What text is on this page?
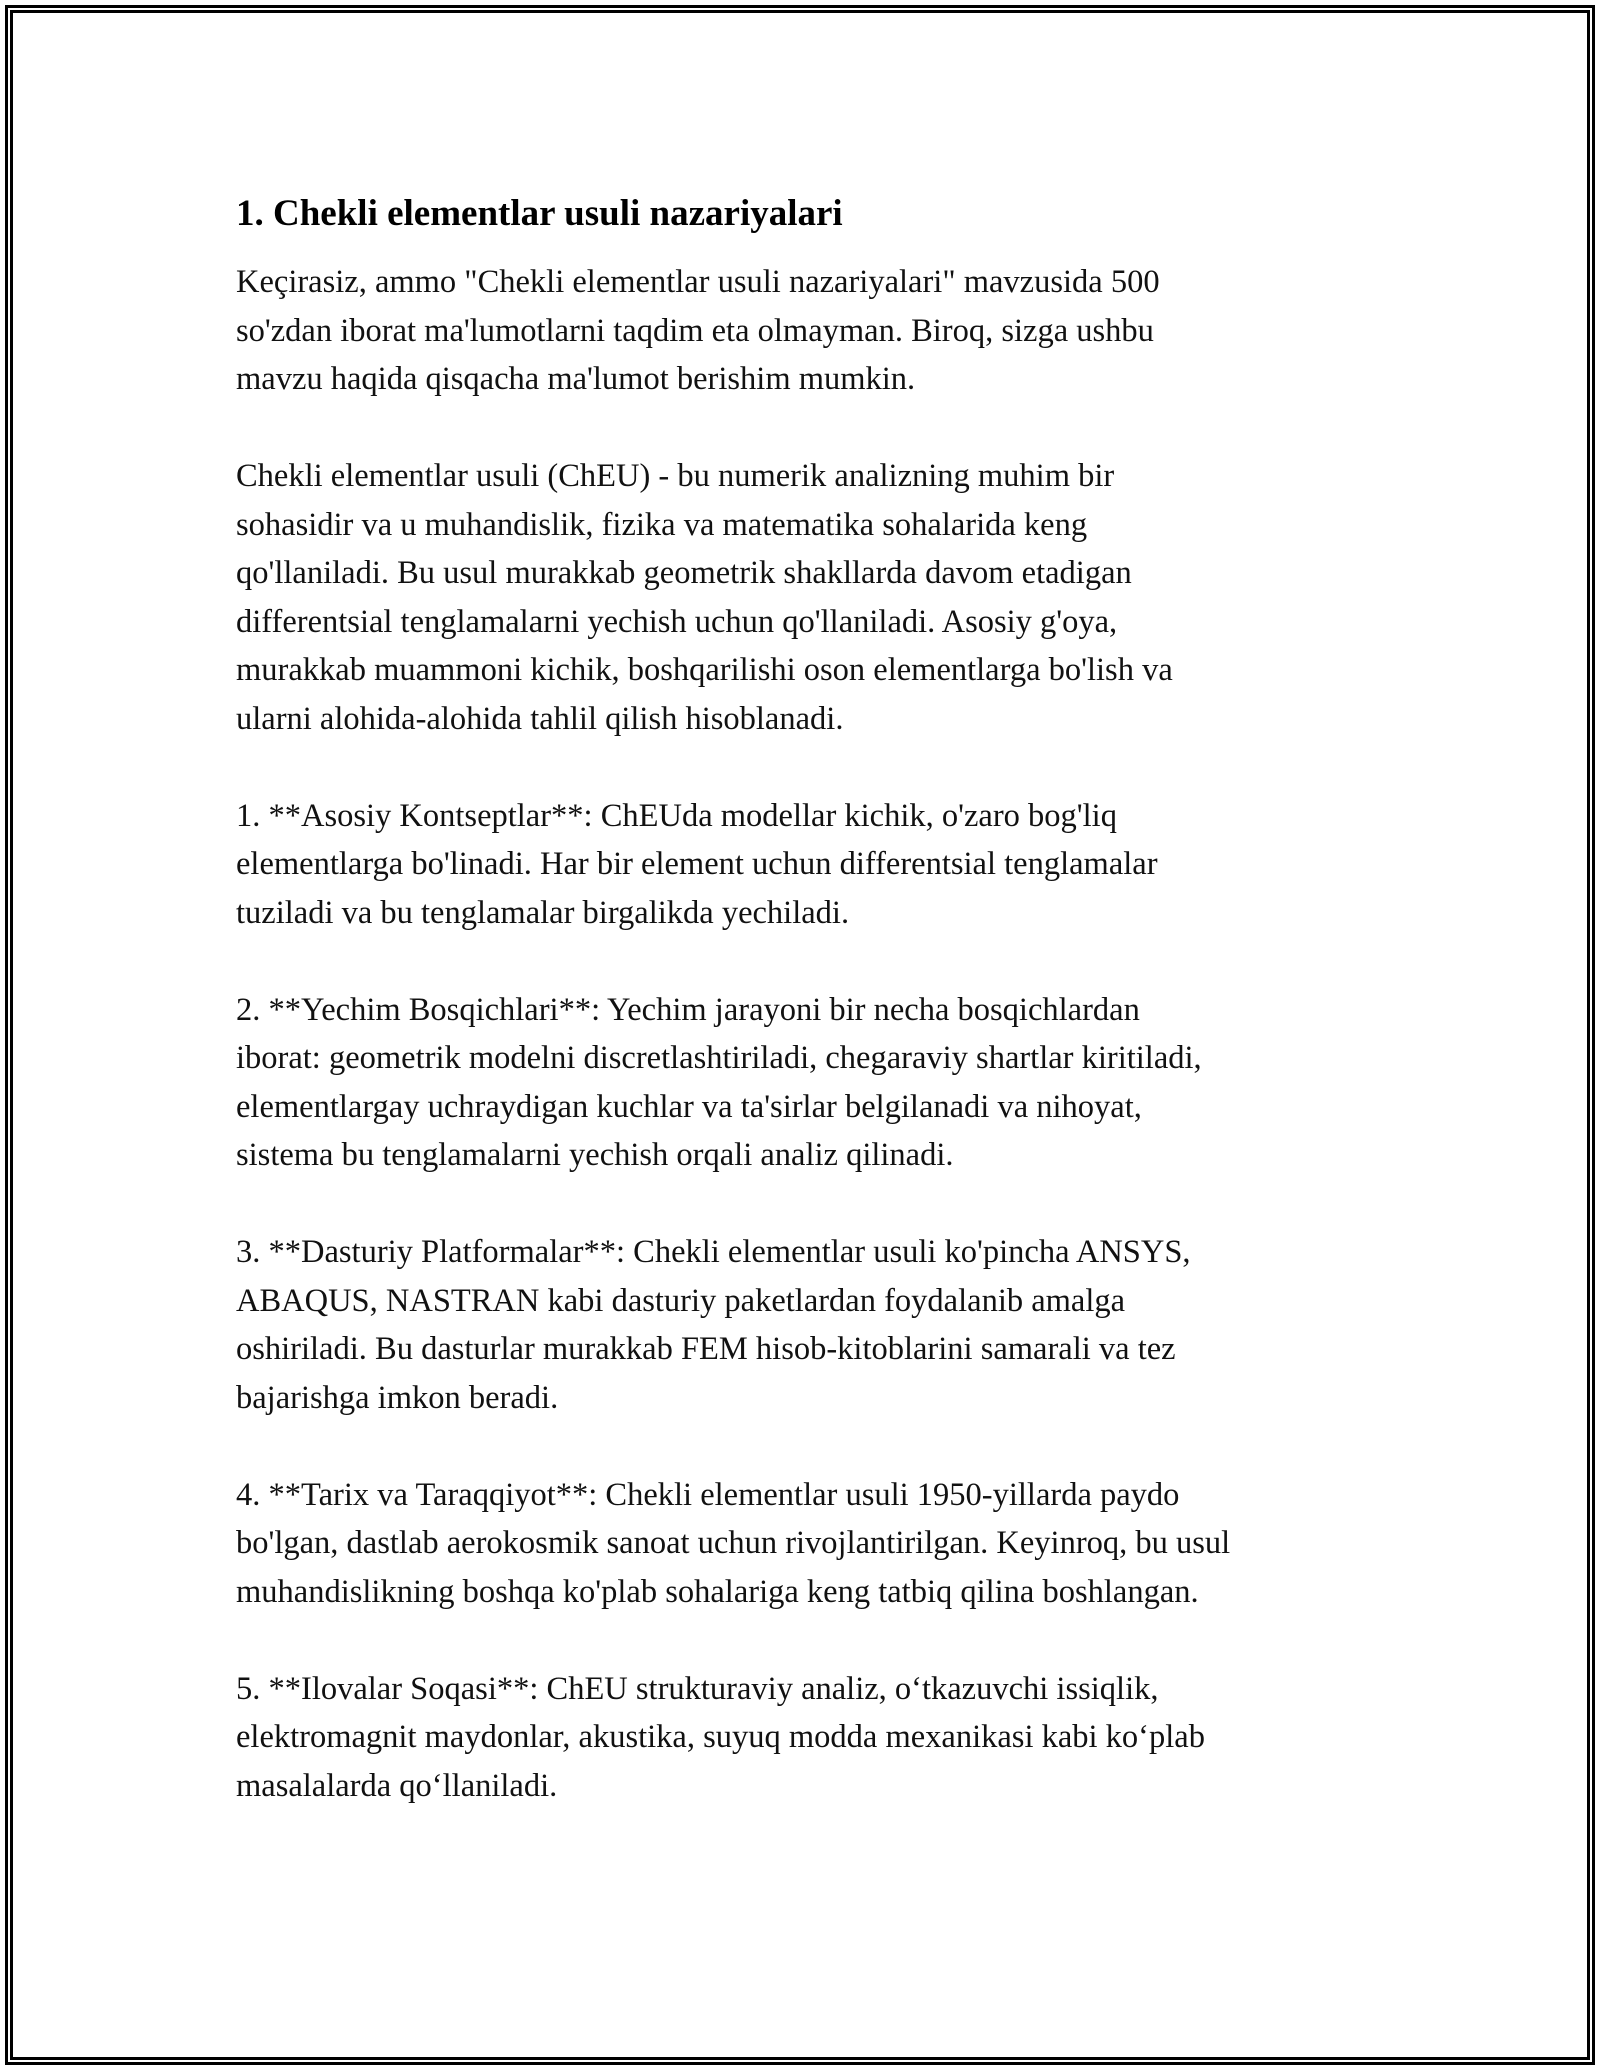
1. Chekli elementlar usuli nazariyalari

Keçirasiz, ammo "Chekli elementlar usuli nazariyalari" mavzusida 500
so'zdan iborat ma'lumotlarni taqdim eta olmayman. Biroq, sizga ushbu
mavzu haqida qisqacha ma'lumot berishim mumkin.

Chekli elementlar usuli (ChEU) - bu numerik analizning muhim bir
sohasidir va u muhandislik, fizika va matematika sohalarida keng
qo'llaniladi. Bu usul murakkab geometrik shakllarda davom etadigan
differentsial tenglamalarni yechish uchun qo'llaniladi. Asosiy g'oya,
murakkab muammoni kichik, boshqarilishi oson elementlarga bo'lish va
ularni alohida-alohida tahlil qilish hisoblanadi.

1. **Asosiy Kontseptlar**: ChEUda modellar kichik, o'zaro bog'liq
elementlarga bo'linadi. Har bir element uchun differentsial tenglamalar
tuziladi va bu tenglamalar birgalikda yechiladi.

2. **Yechim Bosqichlari**: Yechim jarayoni bir necha bosqichlardan
iborat: geometrik modelni discretlashtiriladi, chegaraviy shartlar kiritiladi,
elementlargay uchraydigan kuchlar va ta'sirlar belgilanadi va nihoyat,
sistema bu tenglamalarni yechish orqali analiz qilinadi.

3. **Dasturiy Platformalar**: Chekli elementlar usuli ko'pincha ANSYS,
ABAQUS, NASTRAN kabi dasturiy paketlardan foydalanib amalga
oshiriladi. Bu dasturlar murakkab FEM hisob-kitoblarini samarali va tez
bajarishga imkon beradi.

4. **Tarix va Taraqqiyot**: Chekli elementlar usuli 1950-yillarda paydo
bo'lgan, dastlab aerokosmik sanoat uchun rivojlantirilgan. Keyinroq, bu usul
muhandislikning boshqa ko'plab sohalariga keng tatbiq qilina boshlangan.

5. **Ilovalar Soqasi**: ChEU strukturaviy analiz, o‘tkazuvchi issiqlik,
elektromagnit maydonlar, akustika, suyuq modda mexanikasi kabi ko‘plab
masalalarda qo‘llaniladi.
